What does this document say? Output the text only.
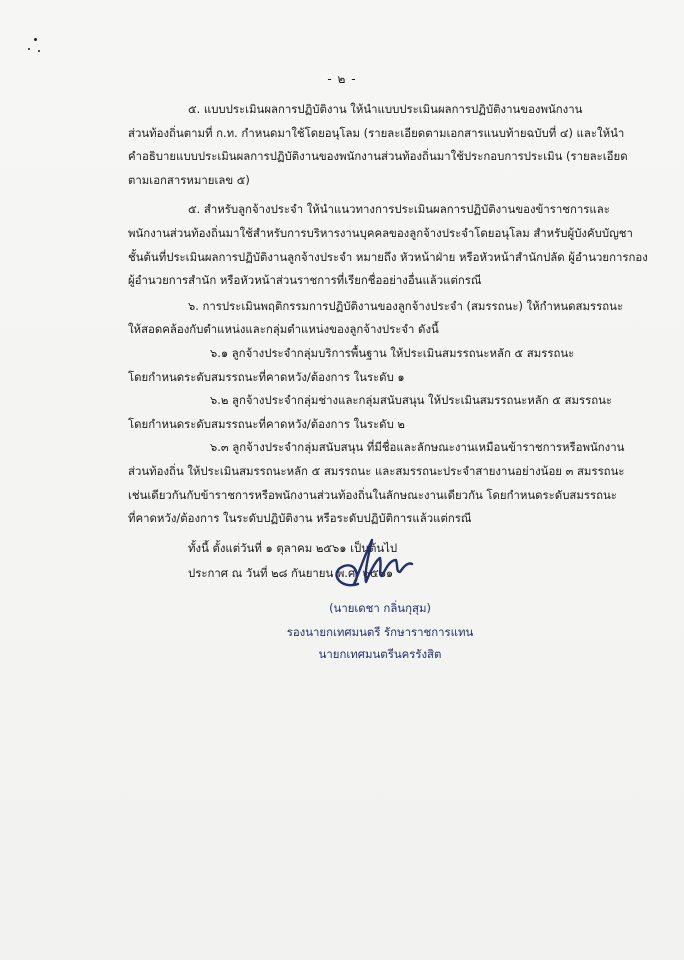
- ๒ -
๕. แบบประเมินผลการปฏิบัติงาน ให้นำแบบประเมินผลการปฏิบัติงานของพนักงาน
ส่วนท้องถิ่นตามที่ ก.ท. กำหนดมาใช้โดยอนุโลม (รายละเอียดตามเอกสารแนบท้ายฉบับที่ ๔) และให้นำ
คำอธิบายแบบประเมินผลการปฏิบัติงานของพนักงานส่วนท้องถิ่นมาใช้ประกอบการประเมิน (รายละเอียด
ตามเอกสารหมายเลข ๕)
๕. สำหรับลูกจ้างประจำ ให้นำแนวทางการประเมินผลการปฏิบัติงานของข้าราชการและ
พนักงานส่วนท้องถิ่นมาใช้สำหรับการบริหารงานบุคคลของลูกจ้างประจำโดยอนุโลม สำหรับผู้บังคับบัญชา
ชั้นต้นที่ประเมินผลการปฏิบัติงานลูกจ้างประจำ หมายถึง หัวหน้าฝ่าย หรือหัวหน้าสำนักปลัด ผู้อำนวยการกอง
ผู้อำนวยการสำนัก หรือหัวหน้าส่วนราชการที่เรียกชื่ออย่างอื่นแล้วแต่กรณี
๖. การประเมินพฤติกรรมการปฏิบัติงานของลูกจ้างประจำ (สมรรถนะ) ให้กำหนดสมรรถนะ
ให้สอดคล้องกับตำแหน่งและกลุ่มตำแหน่งของลูกจ้างประจำ ดังนี้
๖.๑ ลูกจ้างประจำกลุ่มบริการพื้นฐาน ให้ประเมินสมรรถนะหลัก ๕ สมรรถนะ
โดยกำหนดระดับสมรรถนะที่คาดหวัง/ต้องการ ในระดับ ๑
๖.๒ ลูกจ้างประจำกลุ่มช่างและกลุ่มสนับสนุน ให้ประเมินสมรรถนะหลัก ๕ สมรรถนะ
โดยกำหนดระดับสมรรถนะที่คาดหวัง/ต้องการ ในระดับ ๒
๖.๓ ลูกจ้างประจำกลุ่มสนับสนุน ที่มีชื่อและลักษณะงานเหมือนข้าราชการหรือพนักงาน
ส่วนท้องถิ่น ให้ประเมินสมรรถนะหลัก ๕ สมรรถนะ และสมรรถนะประจำสายงานอย่างน้อย ๓ สมรรถนะ
เช่นเดียวกันกับข้าราชการหรือพนักงานส่วนท้องถิ่นในลักษณะงานเดียวกัน โดยกำหนดระดับสมรรถนะ
ที่คาดหวัง/ต้องการ ในระดับปฏิบัติงาน หรือระดับปฏิบัติการแล้วแต่กรณี
ทั้งนี้ ตั้งแต่วันที่ ๑ ตุลาคม ๒๕๖๑ เป็นต้นไป
ประกาศ ณ วันที่ ๒๘ กันยายน พ.ศ. ๒๕๖๑
(นายเดชา กลิ่นกุสุม)
รองนายกเทศมนตรี รักษาราชการแทน
นายกเทศมนตรีนครรังสิต
